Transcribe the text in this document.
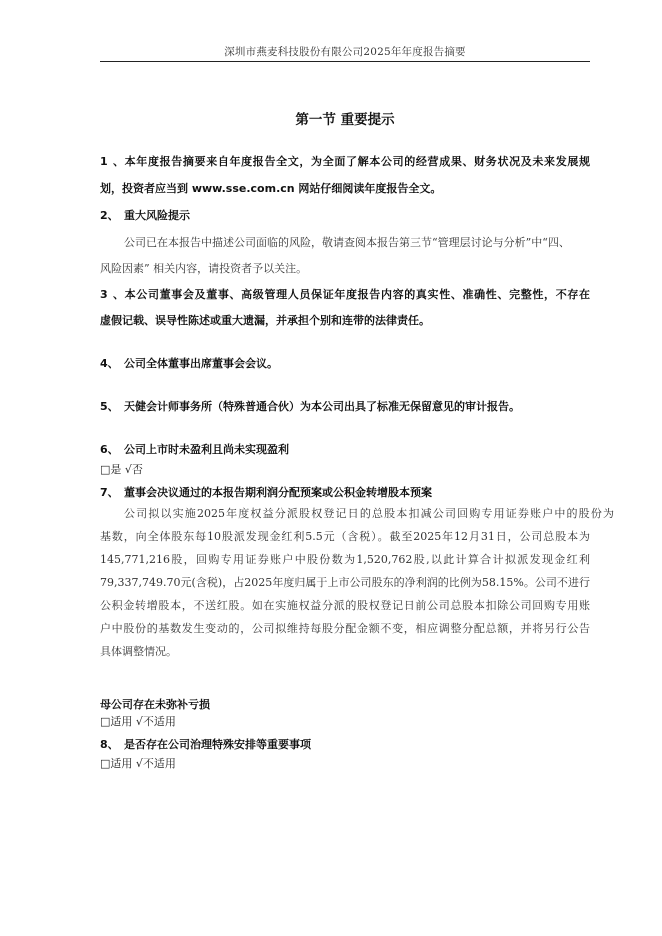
深圳市燕麦科技股份有限公司2025年年度报告摘要
第一节 重要提示
1、本年度报告摘要来自年度报告全文，为全面了解本公司的经营成果、财务状况及未来发展规
划，投资者应当到 www.sse.com.cn 网站仔细阅读年度报告全文。
2、 重大风险提示
公司已在本报告中描述公司面临的风险，敬请查阅本报告第三节“管理层讨论与分析”中“四、
风险因素” 相关内容，请投资者予以关注。
3、本公司董事会及董事、高级管理人员保证年度报告内容的真实性、准确性、完整性，不存在
虚假记载、误导性陈述或重大遗漏，并承担个别和连带的法律责任。
4、 公司全体董事出席董事会会议。
5、 天健会计师事务所（特殊普通合伙）为本公司出具了标准无保留意见的审计报告。
6、 公司上市时未盈利且尚未实现盈利
□是 √否
7、 董事会决议通过的本报告期利润分配预案或公积金转增股本预案
公司拟以实施2025年度权益分派股权登记日的总股本扣减公司回购专用证券账户中的股份为
基数，向全体股东每10股派发现金红利5.5元（含税）。截至2025年12月31日，公司总股本为
145,771,216股，回购专用证券账户中股份数为1,520,762股,以此计算合计拟派发现金红利
79,337,749.70元(含税)，占2025年度归属于上市公司股东的净利润的比例为58.15%。公司不进行
公积金转增股本，不送红股。如在实施权益分派的股权登记日前公司总股本扣除公司回购专用账
户中股份的基数发生变动的，公司拟维持每股分配金额不变，相应调整分配总额，并将另行公告
具体调整情况。
母公司存在未弥补亏损
□适用 √不适用
8、 是否存在公司治理特殊安排等重要事项
□适用 √不适用
